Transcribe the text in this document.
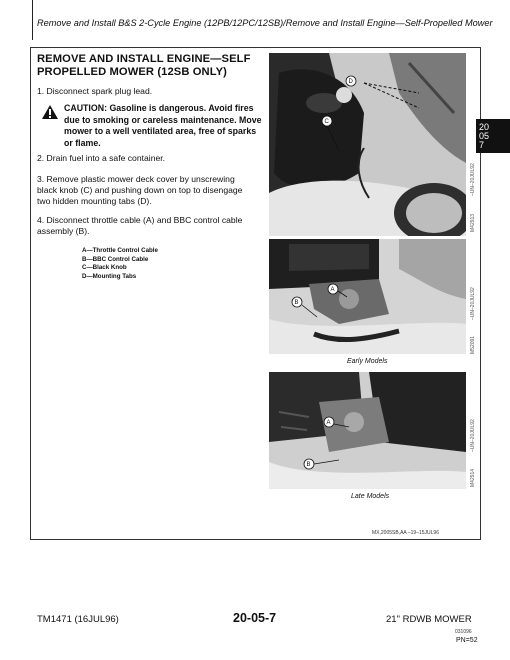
Remove and Install B&S 2-Cycle Engine (12PB/12PC/12SB)/Remove and Install Engine—Self-Propelled Mower
REMOVE AND INSTALL ENGINE—SELF
PROPELLED MOWER (12SB ONLY)
1. Disconnect spark plug lead.
CAUTION: Gasoline is dangerous. Avoid fires due to smoking or careless maintenance. Move mower to a well ventilated area, free of sparks or flame.
2. Drain fuel into a safe container.
3. Remove plastic mower deck cover by unscrewing
black knob (C) and pushing down on top to disengage
two hidden mounting tabs (D).
4. Disconnect throttle cable (A) and BBC control cable
assembly (B).
A—Throttle Control Cable
B—BBC Control Cable
C—Black Knob
D—Mounting Tabs
D
C
M42913
–UN–20JUL92
20
05
7
A
B
Early Models
M52091
–UN–20JUL92
A
B
Late Models
M42914
–UN–20JUL92
MX,2005SB,AA –19–15JUL96
TM1471 (16JUL96)	20-05-7	21" RDWB MOWER
031096
PN=52
